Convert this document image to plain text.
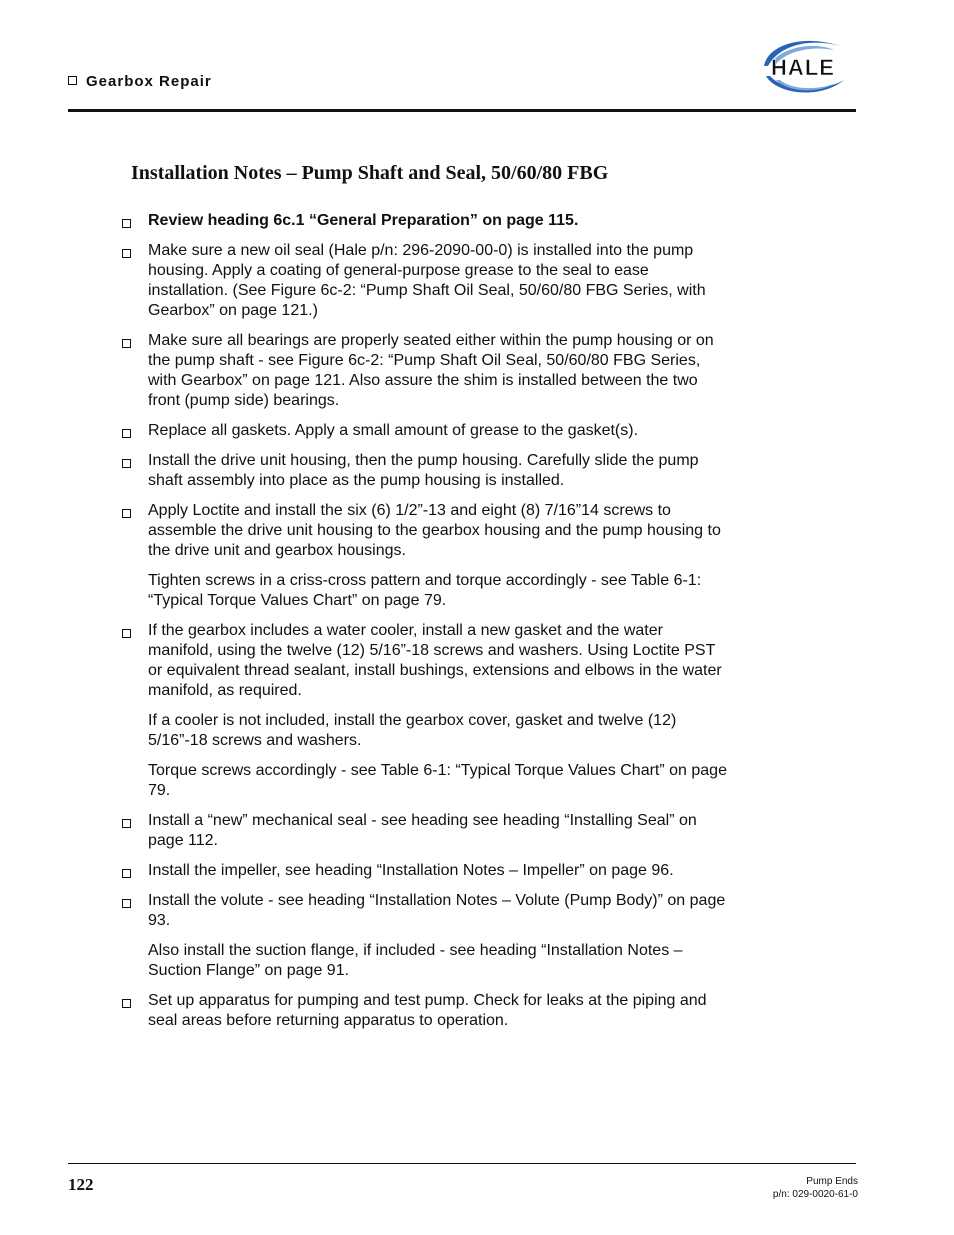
Gearbox Repair
HALE
Installation Notes – Pump Shaft and Seal, 50/60/80 FBG

Review heading 6c.1 “General Preparation” on page 115.

Make sure a new oil seal (Hale p/n: 296-2090-00-0) is installed into the pump housing. Apply a coating of general-purpose grease to the seal to ease installation. (See Figure 6c-2: “Pump Shaft Oil Seal, 50/60/80 FBG Series, with Gearbox” on page 121.)

Make sure all bearings are properly seated either within the pump housing or on the pump shaft - see Figure 6c-2: “Pump Shaft Oil Seal, 50/60/80 FBG Series, with Gearbox” on page 121. Also assure the shim is installed between the two front (pump side) bearings.

Replace all gaskets. Apply a small amount of grease to the gasket(s).

Install the drive unit housing, then the pump housing. Carefully slide the pump shaft assembly into place as the pump housing is installed.

Apply Loctite and install the six (6) 1/2”-13 and eight (8) 7/16”14 screws to assemble the drive unit housing to the gearbox housing and the pump housing to the drive unit and gearbox housings.

Tighten screws in a criss-cross pattern and torque accordingly - see Table 6-1: “Typical Torque Values Chart” on page 79.

If the gearbox includes a water cooler, install a new gasket and the water manifold, using the twelve (12) 5/16”-18 screws and washers. Using Loctite PST or equivalent thread sealant, install bushings, extensions and elbows in the water manifold, as required.

If a cooler is not included, install the gearbox cover, gasket and twelve (12) 5/16”-18 screws and washers.

Torque screws accordingly - see Table 6-1: “Typical Torque Values Chart” on page 79.

Install a “new” mechanical seal - see heading see heading “Installing Seal” on page 112.

Install the impeller, see heading “Installation Notes – Impeller” on page 96.

Install the volute - see heading “Installation Notes – Volute (Pump Body)” on page 93.

Also install the suction flange, if included - see heading “Installation Notes – Suction Flange” on page 91.

Set up apparatus for pumping and test pump. Check for leaks at the piping and seal areas before returning apparatus to operation.

122	Pump Ends
p/n: 029-0020-61-0
